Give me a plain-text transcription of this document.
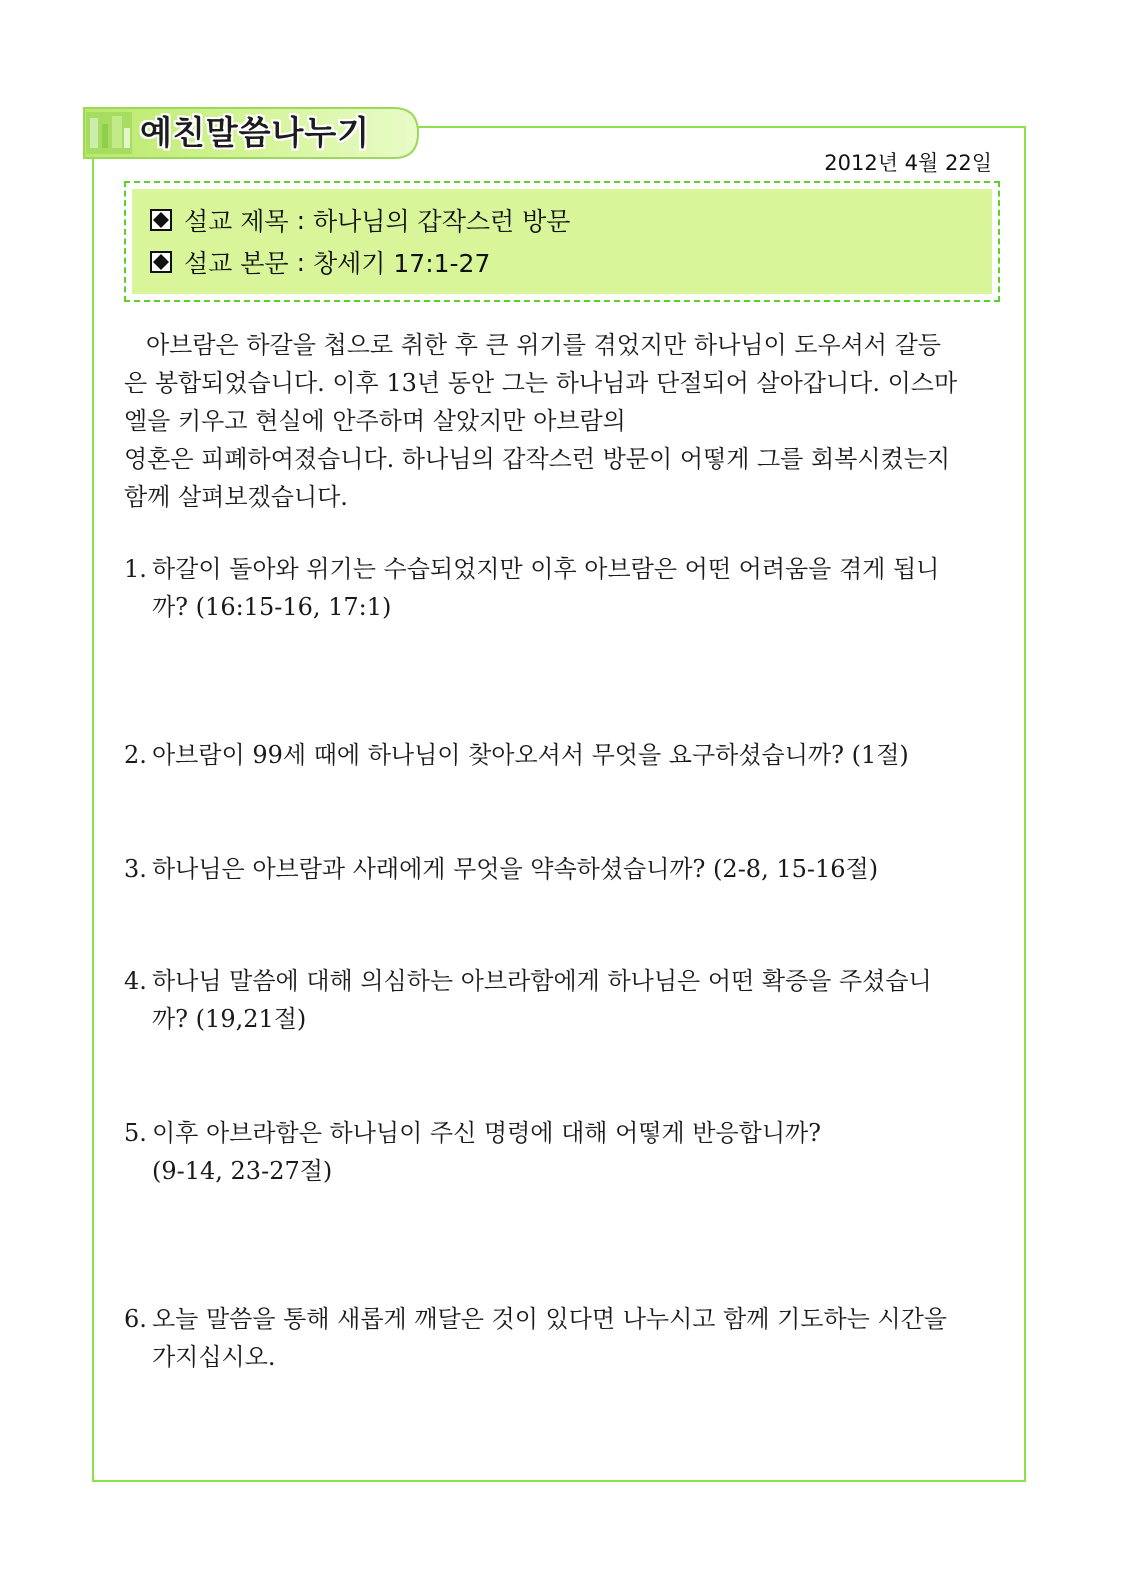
예친말씀나누기
2012년 4월 22일
설교 제목 : 하나님의 갑작스런 방문
설교 본문 : 창세기 17:1-27

아브람은 하갈을 첩으로 취한 후 큰 위기를 겪었지만 하나님이 도우셔서 갈등

은 봉합되었습니다. 이후 13년 동안 그는 하나님과 단절되어 살아갑니다. 이스마

엘을 키우고 현실에 안주하며 살았지만 아브람의

영혼은 피폐하여졌습니다. 하나님의 갑작스런 방문이 어떻게 그를 회복시켰는지

함께 살펴보겠습니다.

1. 하갈이 돌아와 위기는 수습되었지만 이후 아브람은 어떤 어려움을 겪게 됩니
까? (16:15-16, 17:1)
2. 아브람이 99세 때에 하나님이 찾아오셔서 무엇을 요구하셨습니까? (1절)
3. 하나님은 아브람과 사래에게 무엇을 약속하셨습니까? (2-8, 15-16절)
4. 하나님 말씀에 대해 의심하는 아브라함에게 하나님은 어떤 확증을 주셨습니
까? (19,21절)
5. 이후 아브라함은 하나님이 주신 명령에 대해 어떻게 반응합니까?
(9-14, 23-27절)
6. 오늘 말씀을 통해 새롭게 깨달은 것이 있다면 나누시고 함께 기도하는 시간을
가지십시오.
